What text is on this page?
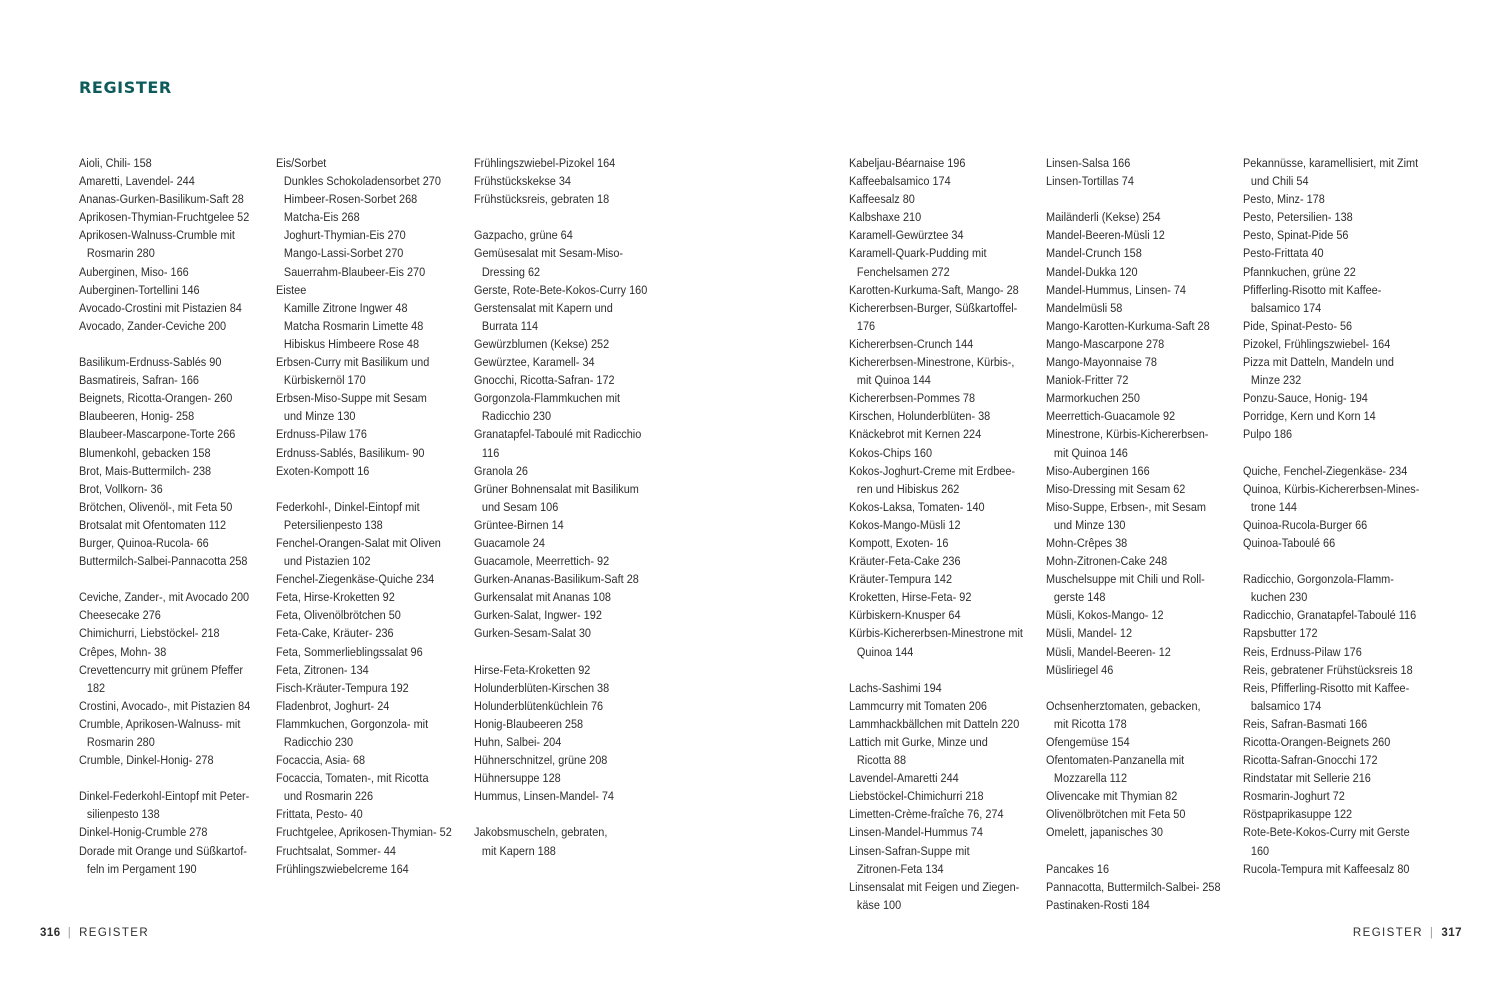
REGISTER
Aioli, Chili- 158
Amaretti, Lavendel- 244
Ananas-Gurken-Basilikum-Saft 28
Aprikosen-Thymian-Fruchtgelee 52
Aprikosen-Walnuss-Crumble mit
Rosmarin 280
Auberginen, Miso- 166
Auberginen-Tortellini 146
Avocado-Crostini mit Pistazien 84
Avocado, Zander-Ceviche 200
Basilikum-Erdnuss-Sablés 90
Basmatireis, Safran- 166
Beignets, Ricotta-Orangen- 260
Blaubeeren, Honig- 258
Blaubeer-Mascarpone-Torte 266
Blumenkohl, gebacken 158
Brot, Mais-Buttermilch- 238
Brot, Vollkorn- 36
Brötchen, Olivenöl-, mit Feta 50
Brotsalat mit Ofentomaten 112
Burger, Quinoa-Rucola- 66
Buttermilch-Salbei-Pannacotta 258
Ceviche, Zander-, mit Avocado 200
Cheesecake 276
Chimichurri, Liebstöckel- 218
Crêpes, Mohn- 38
Crevettencurry mit grünem Pfeffer
182
Crostini, Avocado-, mit Pistazien 84
Crumble, Aprikosen-Walnuss- mit
Rosmarin 280
Crumble, Dinkel-Honig- 278
Dinkel-Federkohl-Eintopf mit Peter-
silienpesto 138
Dinkel-Honig-Crumble 278
Dorade mit Orange und Süßkartof-
feln im Pergament 190
Eis/Sorbet
Dunkles Schokoladensorbet 270
Himbeer-Rosen-Sorbet 268
Matcha-Eis 268
Joghurt-Thymian-Eis 270
Mango-Lassi-Sorbet 270
Sauerrahm-Blaubeer-Eis 270
Eistee
Kamille Zitrone Ingwer 48
Matcha Rosmarin Limette 48
Hibiskus Himbeere Rose 48
Erbsen-Curry mit Basilikum und
Kürbiskernöl 170
Erbsen-Miso-Suppe mit Sesam
und Minze 130
Erdnuss-Pilaw 176
Erdnuss-Sablés, Basilikum- 90
Exoten-Kompott 16
Federkohl-, Dinkel-Eintopf mit
Petersilienpesto 138
Fenchel-Orangen-Salat mit Oliven
und Pistazien 102
Fenchel-Ziegenkäse-Quiche 234
Feta, Hirse-Kroketten 92
Feta, Olivenölbrötchen 50
Feta-Cake, Kräuter- 236
Feta, Sommerlieblingssalat 96
Feta, Zitronen- 134
Fisch-Kräuter-Tempura 192
Fladenbrot, Joghurt- 24
Flammkuchen, Gorgonzola- mit
Radicchio 230
Focaccia, Asia- 68
Focaccia, Tomaten-, mit Ricotta
und Rosmarin 226
Frittata, Pesto- 40
Fruchtgelee, Aprikosen-Thymian- 52
Fruchtsalat, Sommer- 44
Frühlingszwiebelcreme 164
Frühlingszwiebel-Pizokel 164
Frühstückskekse 34
Frühstücksreis, gebraten 18
Gazpacho, grüne 64
Gemüsesalat mit Sesam-Miso-
Dressing 62
Gerste, Rote-Bete-Kokos-Curry 160
Gerstensalat mit Kapern und
Burrata 114
Gewürzblumen (Kekse) 252
Gewürztee, Karamell- 34
Gnocchi, Ricotta-Safran- 172
Gorgonzola-Flammkuchen mit
Radicchio 230
Granatapfel-Taboulé mit Radicchio
116
Granola 26
Grüner Bohnensalat mit Basilikum
und Sesam 106
Grüntee-Birnen 14
Guacamole 24
Guacamole, Meerrettich- 92
Gurken-Ananas-Basilikum-Saft 28
Gurkensalat mit Ananas 108
Gurken-Salat, Ingwer- 192
Gurken-Sesam-Salat 30
Hirse-Feta-Kroketten 92
Holunderblüten-Kirschen 38
Holunderblütenküchlein 76
Honig-Blaubeeren 258
Huhn, Salbei- 204
Hühnerschnitzel, grüne 208
Hühnersuppe 128
Hummus, Linsen-Mandel- 74
Jakobsmuscheln, gebraten,
mit Kapern 188
Kabeljau-Béarnaise 196
Kaffeebalsamico 174
Kaffeesalz 80
Kalbshaxe 210
Karamell-Gewürztee 34
Karamell-Quark-Pudding mit
Fenchelsamen 272
Karotten-Kurkuma-Saft, Mango- 28
Kichererbsen-Burger, Süßkartoffel-
176
Kichererbsen-Crunch 144
Kichererbsen-Minestrone, Kürbis-,
mit Quinoa 144
Kichererbsen-Pommes 78
Kirschen, Holunderblüten- 38
Knäckebrot mit Kernen 224
Kokos-Chips 160
Kokos-Joghurt-Creme mit Erdbee-
ren und Hibiskus 262
Kokos-Laksa, Tomaten- 140
Kokos-Mango-Müsli 12
Kompott, Exoten- 16
Kräuter-Feta-Cake 236
Kräuter-Tempura 142
Kroketten, Hirse-Feta- 92
Kürbiskern-Knusper 64
Kürbis-Kichererbsen-Minestrone mit
Quinoa 144
Lachs-Sashimi 194
Lammcurry mit Tomaten 206
Lammhackbällchen mit Datteln 220
Lattich mit Gurke, Minze und
Ricotta 88
Lavendel-Amaretti 244
Liebstöckel-Chimichurri 218
Limetten-Crème-fraîche 76, 274
Linsen-Mandel-Hummus 74
Linsen-Safran-Suppe mit
Zitronen-Feta 134
Linsensalat mit Feigen und Ziegen-
käse 100
Linsen-Salsa 166
Linsen-Tortillas 74
Mailänderli (Kekse) 254
Mandel-Beeren-Müsli 12
Mandel-Crunch 158
Mandel-Dukka 120
Mandel-Hummus, Linsen- 74
Mandelmüsli 58
Mango-Karotten-Kurkuma-Saft 28
Mango-Mascarpone 278
Mango-Mayonnaise 78
Maniok-Fritter 72
Marmorkuchen 250
Meerrettich-Guacamole 92
Minestrone, Kürbis-Kichererbsen-
mit Quinoa 146
Miso-Auberginen 166
Miso-Dressing mit Sesam 62
Miso-Suppe, Erbsen-, mit Sesam
und Minze 130
Mohn-Crêpes 38
Mohn-Zitronen-Cake 248
Muschelsuppe mit Chili und Roll-
gerste 148
Müsli, Kokos-Mango- 12
Müsli, Mandel- 12
Müsli, Mandel-Beeren- 12
Müsliriegel 46
Ochsenherztomaten, gebacken,
mit Ricotta 178
Ofengemüse 154
Ofentomaten-Panzanella mit
Mozzarella 112
Olivencake mit Thymian 82
Olivenölbrötchen mit Feta 50
Omelett, japanisches 30
Pancakes 16
Pannacotta, Buttermilch-Salbei- 258
Pastinaken-Rosti 184
Pekannüsse, karamellisiert, mit Zimt
und Chili 54
Pesto, Minz- 178
Pesto, Petersilien- 138
Pesto, Spinat-Pide 56
Pesto-Frittata 40
Pfannkuchen, grüne 22
Pfifferling-Risotto mit Kaffee-
balsamico 174
Pide, Spinat-Pesto- 56
Pizokel, Frühlingszwiebel- 164
Pizza mit Datteln, Mandeln und
Minze 232
Ponzu-Sauce, Honig- 194
Porridge, Kern und Korn 14
Pulpo 186
Quiche, Fenchel-Ziegenkäse- 234
Quinoa, Kürbis-Kichererbsen-Mines-
trone 144
Quinoa-Rucola-Burger 66
Quinoa-Taboulé 66
Radicchio, Gorgonzola-Flamm-
kuchen 230
Radicchio, Granatapfel-Taboulé 116
Rapsbutter 172
Reis, Erdnuss-Pilaw 176
Reis, gebratener Frühstücksreis 18
Reis, Pfifferling-Risotto mit Kaffee-
balsamico 174
Reis, Safran-Basmati 166
Ricotta-Orangen-Beignets 260
Ricotta-Safran-Gnocchi 172
Rindstatar mit Sellerie 216
Rosmarin-Joghurt 72
Röstpaprikasuppe 122
Rote-Bete-Kokos-Curry mit Gerste
160
Rucola-Tempura mit Kaffeesalz 80
316 | REGISTER	REGISTER | 317
